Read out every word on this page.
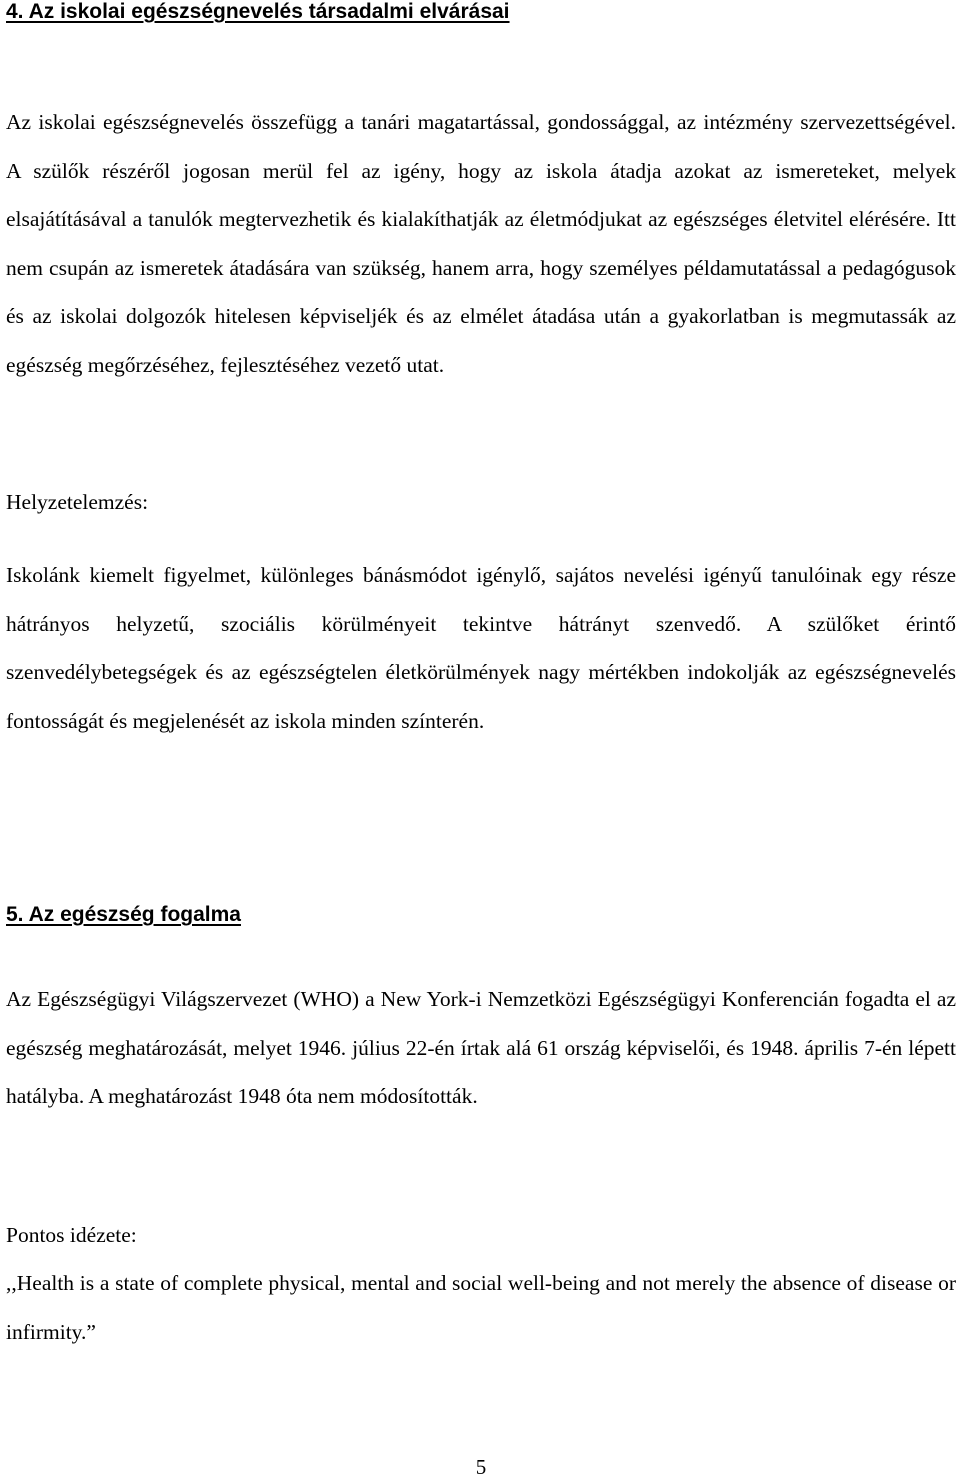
4. Az iskolai egészségnevelés társadalmi elvárásai

Az iskolai egészségnevelés összefügg a tanári magatartással, gondossággal, az intézmény szervezettségével. A szülők részéről jogosan merül fel az igény, hogy az iskola átadja azokat az ismereteket, melyek elsajátításával a tanulók megtervezhetik és kialakíthatják az életmódjukat az egészséges életvitel elérésére. Itt nem csupán az ismeretek átadására van szükség, hanem arra, hogy személyes példamutatással a pedagógusok és az iskolai dolgozók hitelesen képviseljék és az elmélet átadása után a gyakorlatban is megmutassák az egészség megőrzéséhez, fejlesztéséhez vezető utat.

Helyzetelemzés:

Iskolánk kiemelt figyelmet, különleges bánásmódot igénylő, sajátos nevelési igényű tanulóinak egy része hátrányos helyzetű, szociális körülményeit tekintve hátrányt szenvedő. A szülőket érintő szenvedélybetegségek és az egészségtelen életkörülmények nagy mértékben indokolják az egészségnevelés fontosságát és megjelenését az iskola minden színterén.

5. Az egészség fogalma

Az Egészségügyi Világszervezet (WHO) a New York-i Nemzetközi Egészségügyi Konferencián fogadta el az egészség meghatározását, melyet 1946. július 22-én írtak alá 61 ország képviselői, és 1948. április 7-én lépett hatályba. A meghatározást 1948 óta nem módosították.

Pontos idézete:

,,Health is a state of complete physical, mental and social well-being and not merely the absence of disease or infirmity.”

5
